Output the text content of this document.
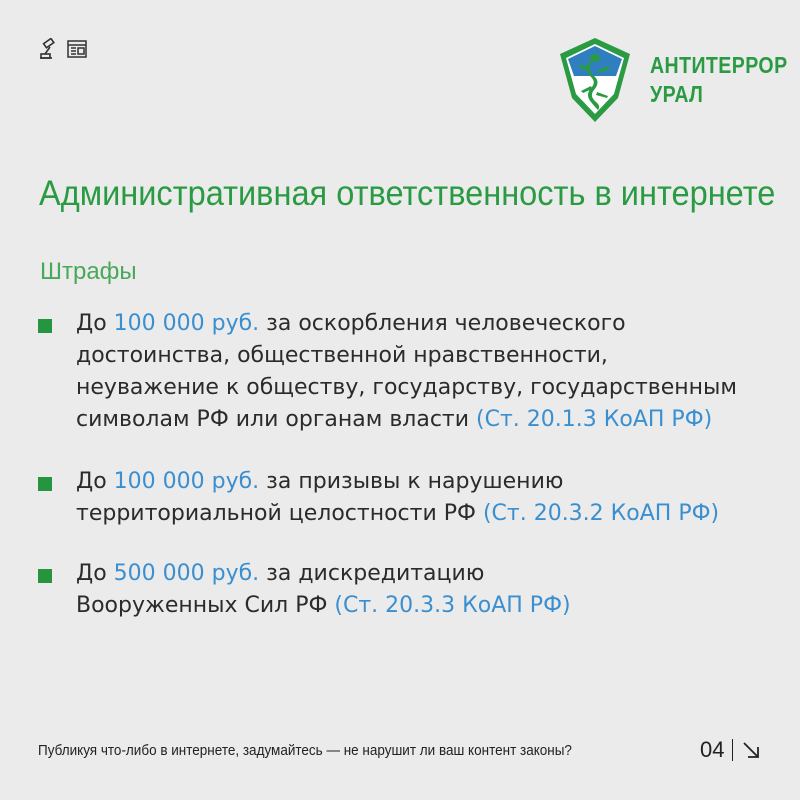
АНТИТЕРРОР
УРАЛ
Административная ответственность в интернете
Штрафы
До 100 000 руб. за оскорбления человеческого
достоинства, общественной нравственности,
неуважение к обществу, государству, государственным
символам РФ или органам власти (Ст. 20.1.3 КоАП РФ)
До 100 000 руб. за призывы к нарушению
территориальной целостности РФ (Ст. 20.3.2 КоАП РФ)
До 500 000 руб. за дискредитацию
Вооруженных Сил РФ (Ст. 20.3.3 КоАП РФ)
Публикуя что-либо в интернете, задумайтесь — не нарушит ли ваш контент законы?	04
